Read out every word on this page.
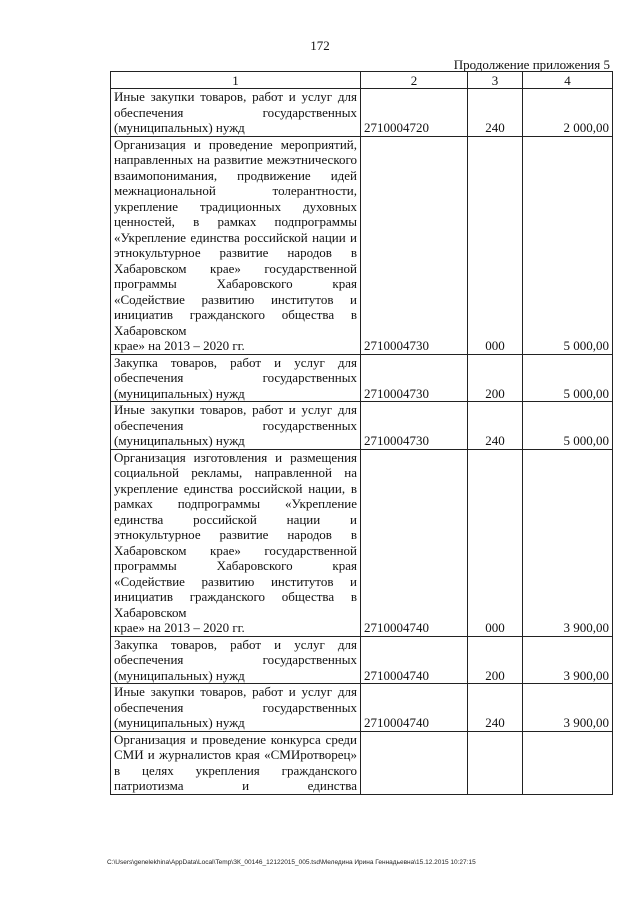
172
Продолжение приложения 5
1	2	3	4
Иные закупки товаров, работ и услуг для обеспечения государственных
(муниципальных) нужд	2710004720	240	2 000,00
Организация и проведение мероприятий, направленных на развитие межэтнического взаимопонимания, продвижение идей межнациональной толерантности, укрепление традиционных духовных ценностей, в рамках подпрограммы «Укрепление единства российской нации и этнокультурное развитие народов в Хабаровском крае» государственной программы Хабаровского края «Содействие развитию институтов и инициатив гражданского общества в Хабаровском
крае» на 2013 – 2020 гг.	2710004730	000	5 000,00
Закупка товаров, работ и услуг для обеспечения государственных
(муниципальных) нужд	2710004730	200	5 000,00
Иные закупки товаров, работ и услуг для обеспечения государственных
(муниципальных) нужд	2710004730	240	5 000,00
Организация изготовления и размещения социальной рекламы, направленной на укрепление единства российской нации, в рамках подпрограммы «Укрепление единства российской нации и этнокультурное развитие народов в Хабаровском крае» государственной программы Хабаровского края «Содействие развитию институтов и инициатив гражданского общества в Хабаровском
крае» на 2013 – 2020 гг.	2710004740	000	3 900,00
Закупка товаров, работ и услуг для обеспечения государственных
(муниципальных) нужд	2710004740	200	3 900,00
Иные закупки товаров, работ и услуг для обеспечения государственных
(муниципальных) нужд	2710004740	240	3 900,00
Организация и проведение конкурса среди СМИ и журналистов края «СМИротворец» в целях укрепления гражданского патриотизма и единства

C:\Users\genelekhina\AppData\Local\Temp\ЗК_00146_12122015_005.tsd\Меледина Ирина Геннадьевна\15.12.2015 10:27:15
